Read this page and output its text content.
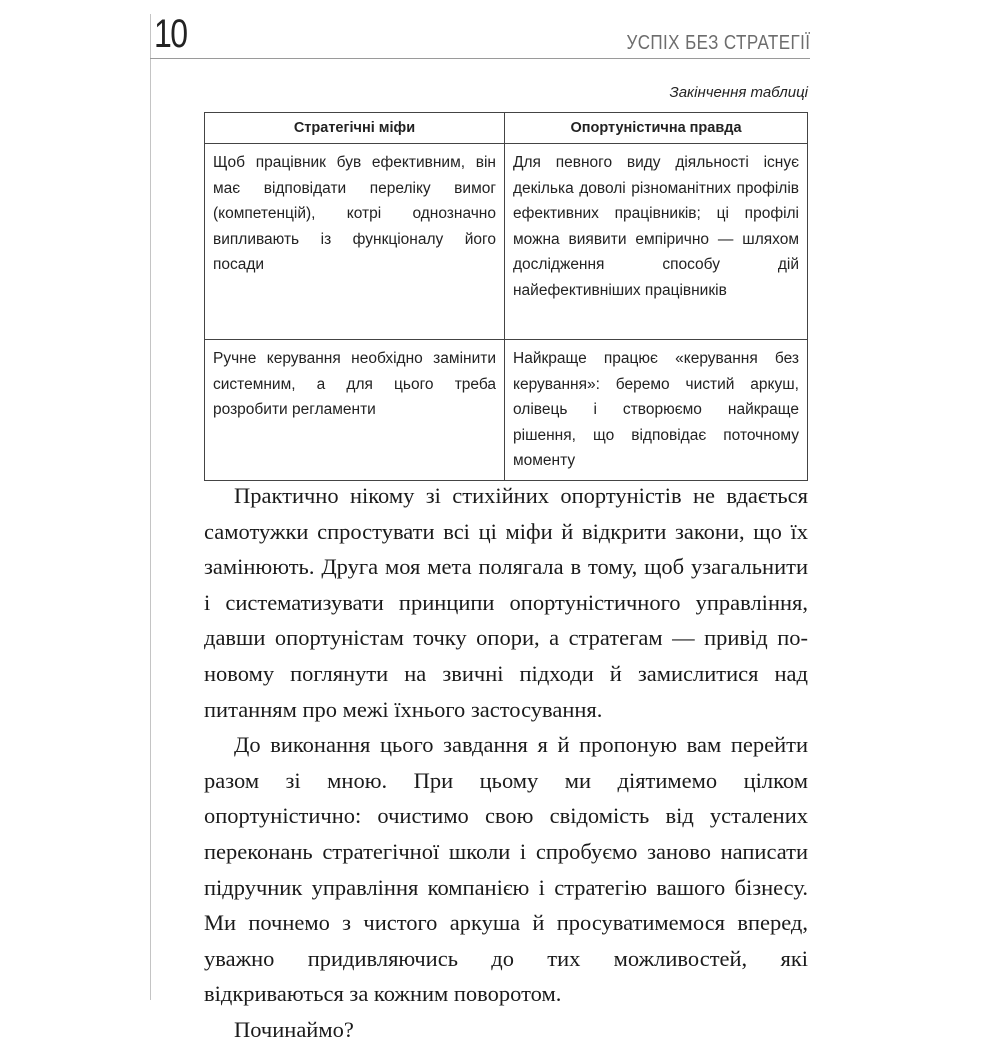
10	УСПІХ БЕЗ СТРАТЕГІЇ
Закінчення таблиці
Стратегічні міфи	Опортуністична правда
Щоб працівник був ефективним, він має відповідати переліку вимог (компетенцій), котрі однозначно випливають із функціоналу його посади	Для певного виду діяльності існує декілька доволі різноманітних профілів ефективних працівників; ці профілі можна виявити емпірично — шляхом дослідження способу дій найефективніших працівників
Ручне керування необхідно замінити системним, а для цього треба розробити регламенти	Найкраще працює «керування без керування»: беремо чистий аркуш, олівець і створюємо найкраще рішення, що відповідає поточному моменту

Практично нікому зі стихійних опортуністів не вдається самотужки спростувати всі ці міфи й відкрити закони, що їх замінюють. Друга моя мета полягала в тому, щоб узагальнити і систематизувати принципи опортуністичного управління, давши опортуністам точку опори, а стратегам — привід по-новому поглянути на звичні підходи й замислитися над питанням про межі їхнього застосування.

До виконання цього завдання я й пропоную вам перейти разом зі мною. При цьому ми діятимемо цілком опортуністично: очистимо свою свідомість від усталених переконань стратегічної школи і спробуємо заново написати підручник управління компанією і стратегію вашого бізнесу. Ми почнемо з чистого аркуша й просуватимемося вперед, уважно придивляючись до тих можливостей, які відкриваються за кожним поворотом.

Починаймо?
